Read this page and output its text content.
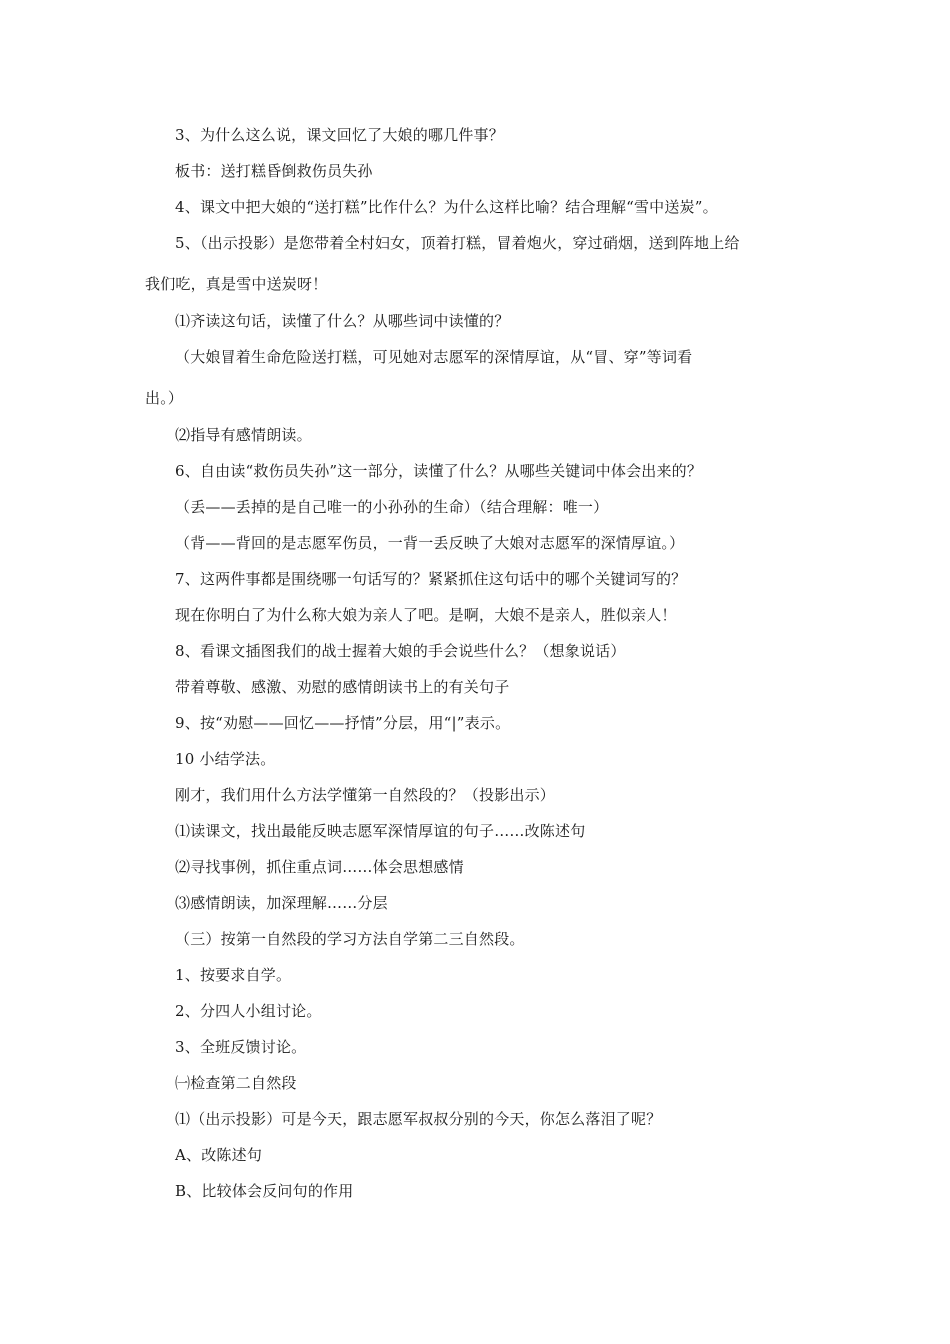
3、为什么这么说，课文回忆了大娘的哪几件事？
板书：送打糕昏倒救伤员失孙
4、课文中把大娘的“送打糕”比作什么？为什么这样比喻？结合理解“雪中送炭”。
5、（出示投影）是您带着全村妇女，顶着打糕，冒着炮火，穿过硝烟，送到阵地上给
我们吃，真是雪中送炭呀！
⑴齐读这句话，读懂了什么？从哪些词中读懂的？
（大娘冒着生命危险送打糕，可见她对志愿军的深情厚谊，从“冒、穿”等词看
出。）
⑵指导有感情朗读。
6、自由读“救伤员失孙”这一部分，读懂了什么？从哪些关键词中体会出来的？
（丢——丢掉的是自己唯一的小孙孙的生命）（结合理解：唯一）
（背——背回的是志愿军伤员，一背一丢反映了大娘对志愿军的深情厚谊。）
7、这两件事都是围绕哪一句话写的？紧紧抓住这句话中的哪个关键词写的？
现在你明白了为什么称大娘为亲人了吧。是啊，大娘不是亲人，胜似亲人！
8、看课文插图我们的战士握着大娘的手会说些什么？（想象说话）
带着尊敬、感激、劝慰的感情朗读书上的有关句子
9、按“劝慰——回忆——抒情”分层，用“|”表示。
10 小结学法。
刚才，我们用什么方法学懂第一自然段的？（投影出示）
⑴读课文，找出最能反映志愿军深情厚谊的句子……改陈述句
⑵寻找事例，抓住重点词……体会思想感情
⑶感情朗读，加深理解……分层
（三）按第一自然段的学习方法自学第二三自然段。
1、按要求自学。
2、分四人小组讨论。
3、全班反馈讨论。
㈠检查第二自然段
⑴（出示投影）可是今天，跟志愿军叔叔分别的今天，你怎么落泪了呢？
A、改陈述句
B、比较体会反问句的作用
